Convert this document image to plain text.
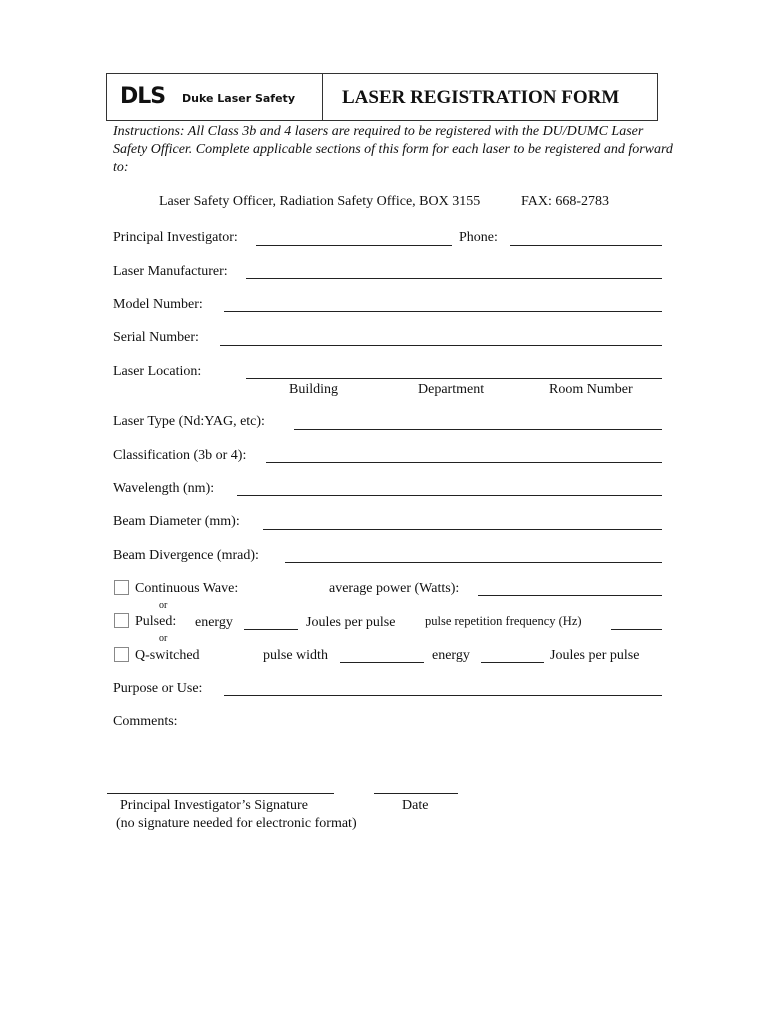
DLS Duke Laser Safety LASER REGISTRATION FORM
Instructions: All Class 3b and 4 lasers are required to be registered with the DU/DUMC Laser Safety Officer. Complete applicable sections of this form for each laser to be registered and forward to:
Laser Safety Officer, Radiation Safety Office, BOX 3155	FAX: 668-2783
Principal Investigator:	Phone:
Laser Manufacturer:
Model Number:
Serial Number:
Laser Location:
Building	Department	Room Number
Laser Type (Nd:YAG, etc):
Classification (3b or 4):
Wavelength (nm):
Beam Diameter (mm):
Beam Divergence (mrad):
Continuous Wave:	average power (Watts):
or
Pulsed: energy	Joules per pulse pulse repetition frequency (Hz)
or
Q-switched	pulse width	energy	Joules per pulse
Purpose or Use:
Comments:
Principal Investigator’s Signature	Date
(no signature needed for electronic format)
